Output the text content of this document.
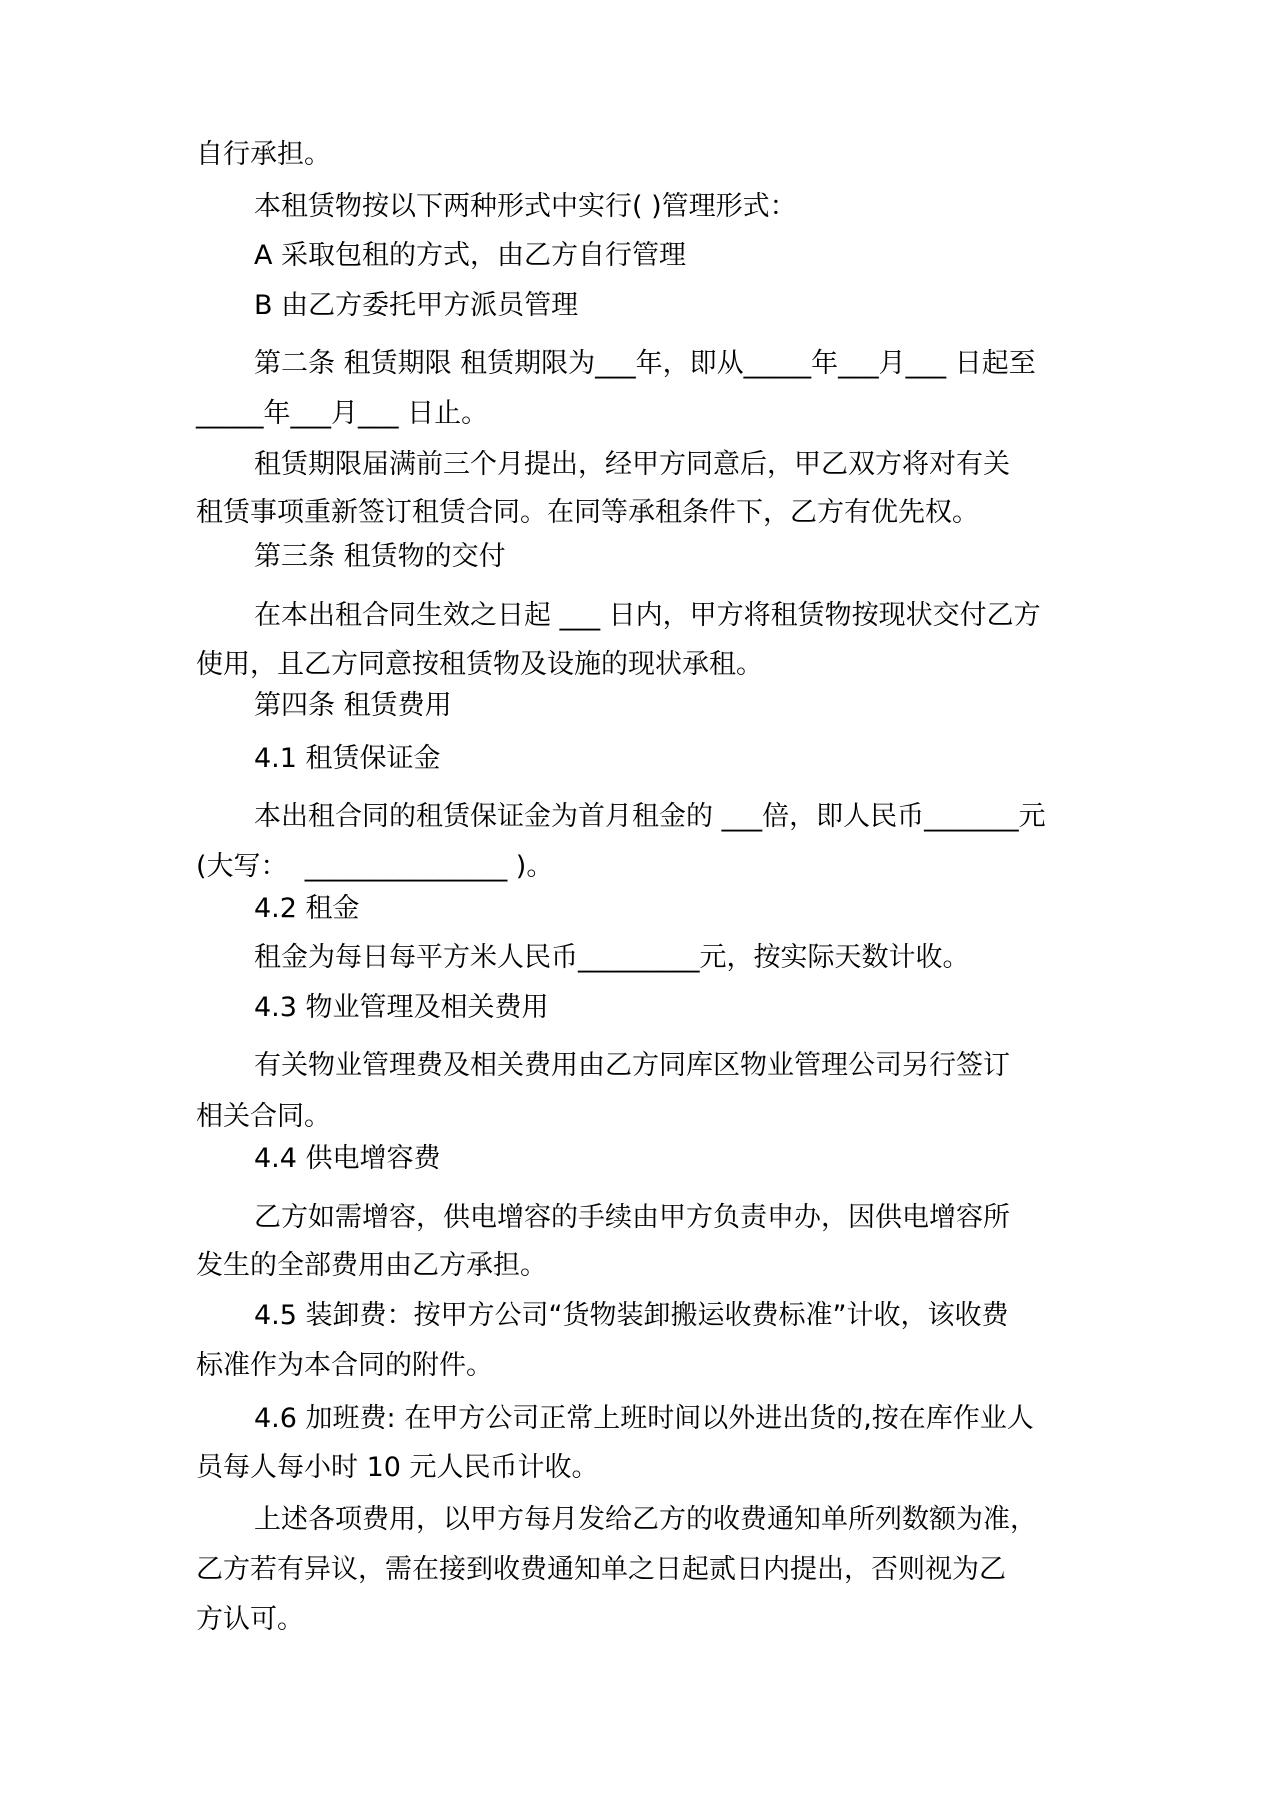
自行承担。
本租赁物按以下两种形式中实行( )管理形式：
A 采取包租的方式，由乙方自行管理
B 由乙方委托甲方派员管理
第二条 租赁期限 租赁期限为___年，即从_____年___月___ 日起至
_____年___月___ 日止。
租赁期限届满前三个月提出，经甲方同意后，甲乙双方将对有关
租赁事项重新签订租赁合同。在同等承租条件下，乙方有优先权。
第三条 租赁物的交付
在本出租合同生效之日起 ___ 日内，甲方将租赁物按现状交付乙方
使用，且乙方同意按租赁物及设施的现状承租。
第四条 租赁费用
4.1 租赁保证金
本出租合同的租赁保证金为首月租金的 ___倍，即人民币_______元
(大写：  _______________ )。
4.2 租金
租金为每日每平方米人民币_________元，按实际天数计收。
4.3 物业管理及相关费用
有关物业管理费及相关费用由乙方同库区物业管理公司另行签订
相关合同。
4.4 供电增容费
乙方如需增容，供电增容的手续由甲方负责申办，因供电增容所
发生的全部费用由乙方承担。
4.5 装卸费：按甲方公司“货物装卸搬运收费标准”计收，该收费
标准作为本合同的附件。
4.6 加班费: 在甲方公司正常上班时间以外进出货的,按在库作业人
员每人每小时 10 元人民币计收。
上述各项费用，以甲方每月发给乙方的收费通知单所列数额为准，
乙方若有异议，需在接到收费通知单之日起贰日内提出，否则视为乙
方认可。
